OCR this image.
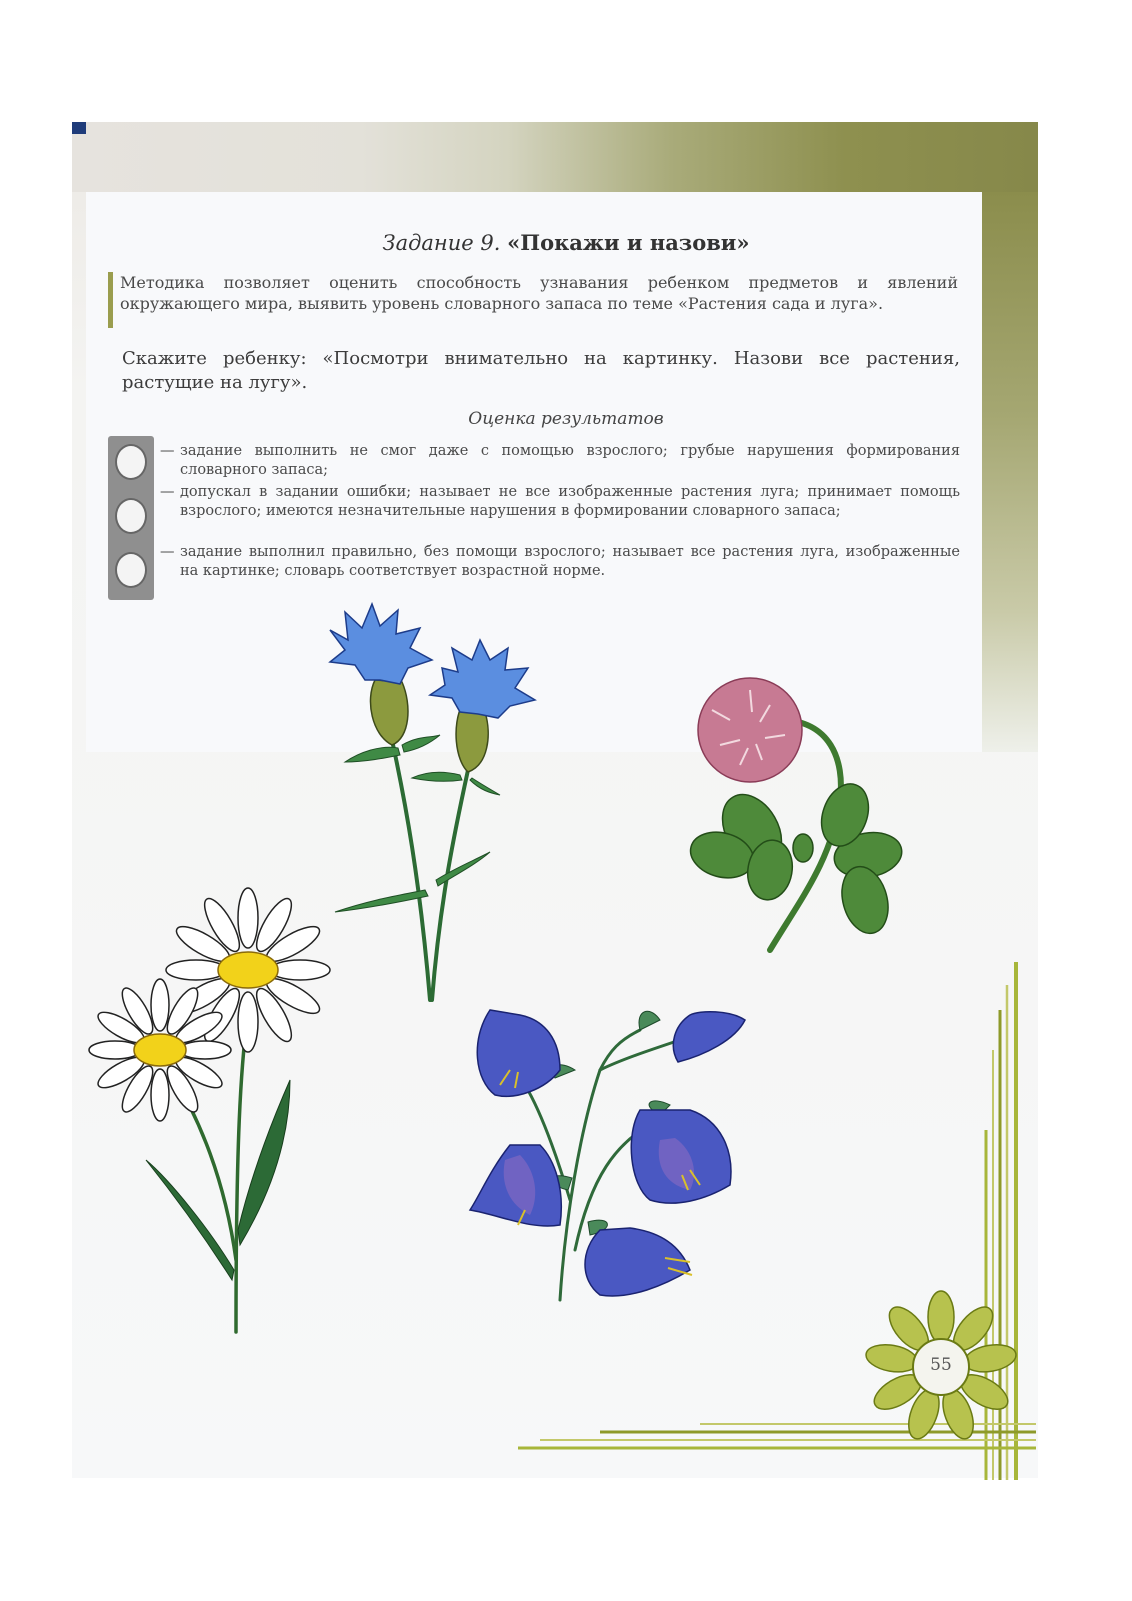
Задание 9. «Покажи и назови»
Методика позволяет оценить способность узнавания ребенком предметов и явлений окружающего мира, выявить уровень словарного запаса по теме «Растения сада и луга».
Скажите ребенку: «Посмотри внимательно на картинку. Назови все растения, растущие на лугу».
Оценка результатов
— задание выполнить не смог даже с помощью взрослого; грубые нарушения формирования словарного запаса;
— допускал в задании ошибки; называет не все изображенные растения луга; принимает помощь взрослого; имеются незначительные нарушения в формировании словарного запаса;
— задание выполнил правильно, без помощи взрослого; называет все растения луга, изображенные на картинке; словарь соответствует возрастной норме.
55
